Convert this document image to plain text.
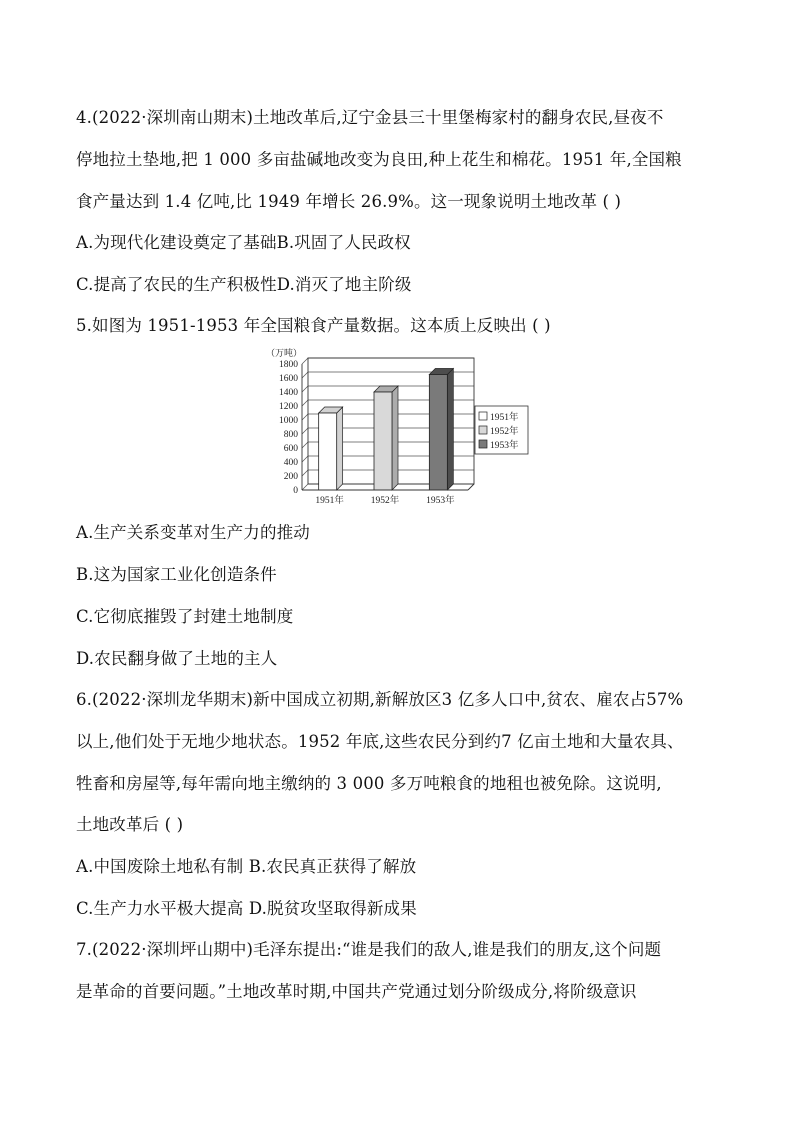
4.(2022·深圳南山期末)土地改革后,辽宁金县三十里堡梅家村的翻身农民,昼夜不
停地拉土垫地,把 1 000 多亩盐碱地改变为良田,种上花生和棉花。1951 年,全国粮
食产量达到 1.4 亿吨,比 1949 年增长 26.9%。这一现象说明土地改革 ( )
A.为现代化建设奠定了基础B.巩固了人民政权
C.提高了农民的生产积极性D.消灭了地主阶级
5.如图为 1951-1953 年全国粮食产量数据。这本质上反映出 ( )
（万吨）
0
200
400
600
800
1000
1200
1400
1600
1800
1951年	1952年	1953年
1951年
1952年
1953年
A.生产关系变革对生产力的推动
B.这为国家工业化创造条件
C.它彻底摧毁了封建土地制度
D.农民翻身做了土地的主人
6.(2022·深圳龙华期末)新中国成立初期,新解放区3 亿多人口中,贫农、雇农占57%
以上,他们处于无地少地状态。1952 年底,这些农民分到约7 亿亩土地和大量农具、
牲畜和房屋等,每年需向地主缴纳的 3 000 多万吨粮食的地租也被免除。这说明,
土地改革后 ( )
A.中国废除土地私有制 B.农民真正获得了解放
C.生产力水平极大提高 D.脱贫攻坚取得新成果
7.(2022·深圳坪山期中)毛泽东提出:“谁是我们的敌人,谁是我们的朋友,这个问题
是革命的首要问题。”土地改革时期,中国共产党通过划分阶级成分,将阶级意识
